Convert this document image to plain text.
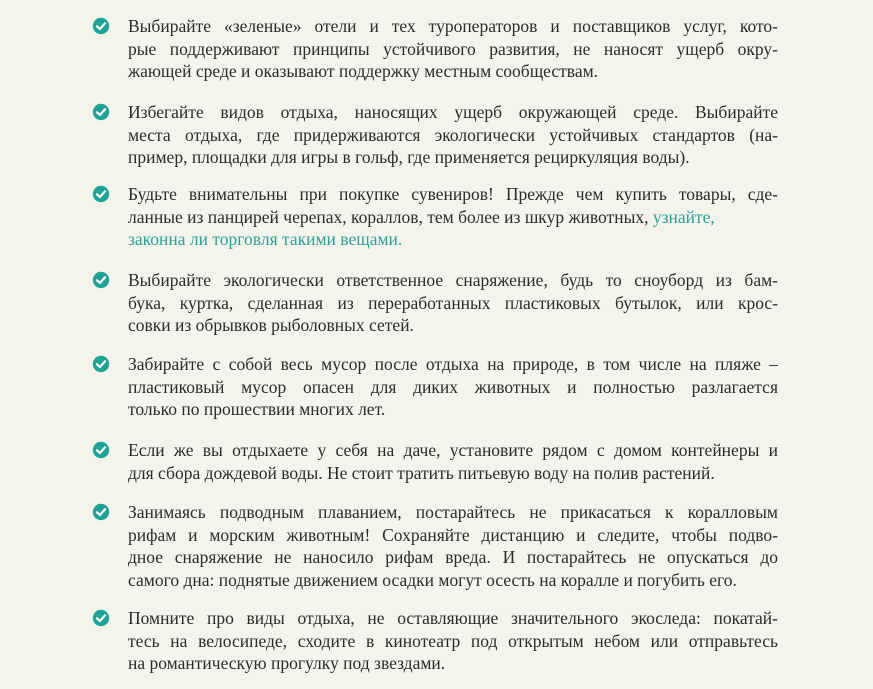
Выбирайте «зеленые» отели и тех туроператоров и поставщиков услуг, кото-
рые поддерживают принципы устойчивого развития, не наносят ущерб окру-
жающей среде и оказывают поддержку местным сообществам.
Избегайте видов отдыха, наносящих ущерб окружающей среде. Выбирайте
места отдыха, где придерживаются экологически устойчивых стандартов (на-
пример, площадки для игры в гольф, где применяется рециркуляция воды).
Будьте внимательны при покупке сувениров! Прежде чем купить товары, сде-
ланные из панцирей черепах, кораллов, тем более из шкур животных, узнайте,
законна ли торговля такими вещами.
Выбирайте экологически ответственное снаряжение, будь то сноуборд из бам-
бука, куртка, сделанная из переработанных пластиковых бутылок, или крос-
совки из обрывков рыболовных сетей.
Забирайте с собой весь мусор после отдыха на природе, в том числе на пляже –
пластиковый мусор опасен для диких животных и полностью разлагается
только по прошествии многих лет.
Если же вы отдыхаете у себя на даче, установите рядом с домом контейнеры и
для сбора дождевой воды. Не стоит тратить питьевую воду на полив растений.
Занимаясь подводным плаванием, постарайтесь не прикасаться к коралловым
рифам и морским животным! Сохраняйте дистанцию и следите, чтобы подво-
дное снаряжение не наносило рифам вреда. И постарайтесь не опускаться до
самого дна: поднятые движением осадки могут осесть на коралле и погубить его.
Помните про виды отдыха, не оставляющие значительного экоследа: покатай-
тесь на велосипеде, сходите в кинотеатр под открытым небом или отправьтесь
на романтическую прогулку под звездами.
